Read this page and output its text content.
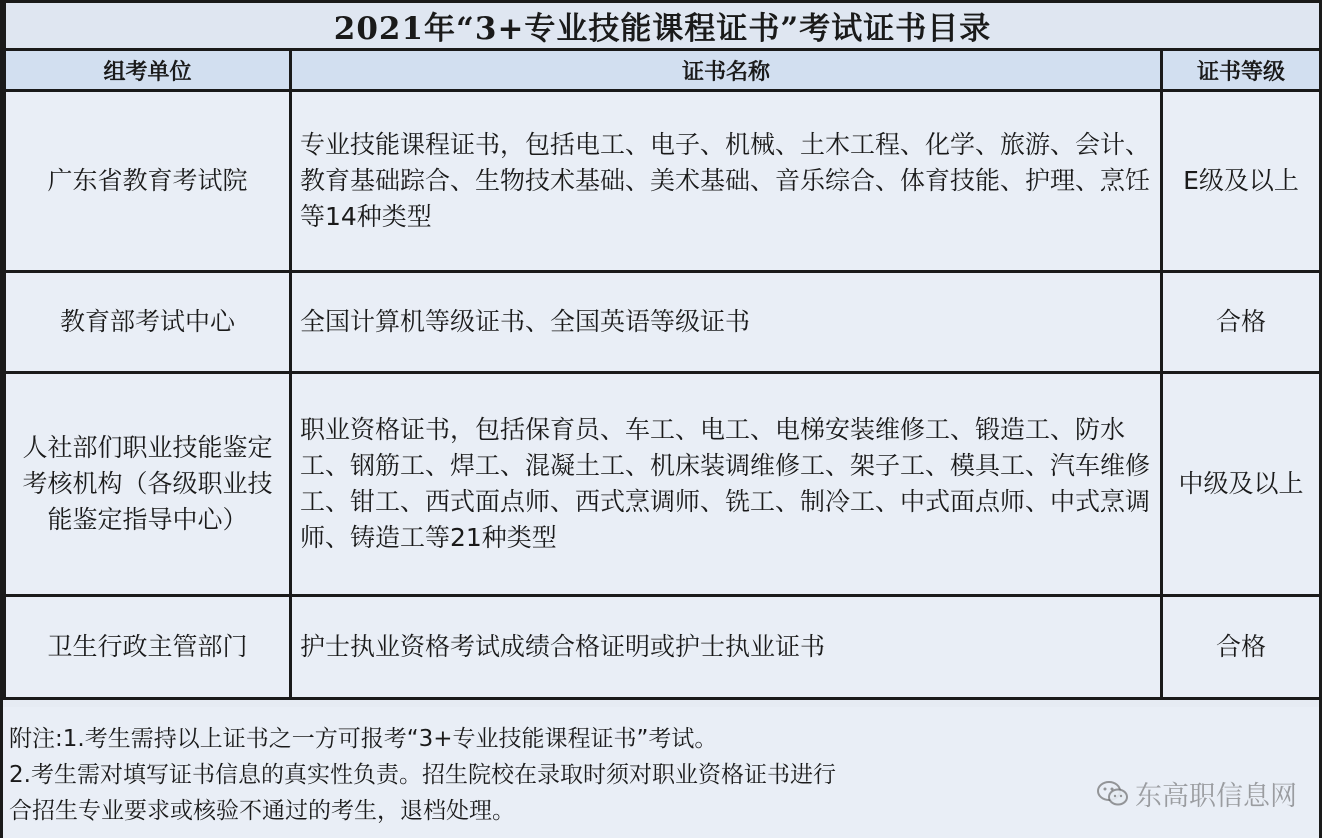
2021年“3+专业技能课程证书”考试证书目录		
组考单位	证书名称	证书等级
广东省教育考试院	专业技能课程证书，包括电工、电子、机械、土木工程、化学、旅游、会计、教育基础踪合、生物技术基础、美术基础、音乐综合、体育技能、护理、烹饪等14种类型	E级及以上
教育部考试中心	全国计算机等级证书、全国英语等级证书	合格
人社部们职业技能鉴定考核机构（各级职业技能鉴定指导中心）	职业资格证书，包括保育员、车工、电工、电梯安装维修工、锻造工、防水工、钢筋工、焊工、混凝土工、机床装调维修工、架子工、模具工、汽车维修工、钳工、西式面点师、西式烹调师、铣工、制冷工、中式面点师、中式烹调师、铸造工等21种类型	中级及以上
卫生行政主管部门	护士执业资格考试成绩合格证明或护士执业证书	合格
附注:1.考生需持以上证书之一方可报考“3+专业技能课程证书”考试。
2.考生需对填写证书信息的真实性负责。招生院校在录取时须对职业资格证书进行
合招生专业要求或核验不通过的考生，退档处理。	东高职信息网
